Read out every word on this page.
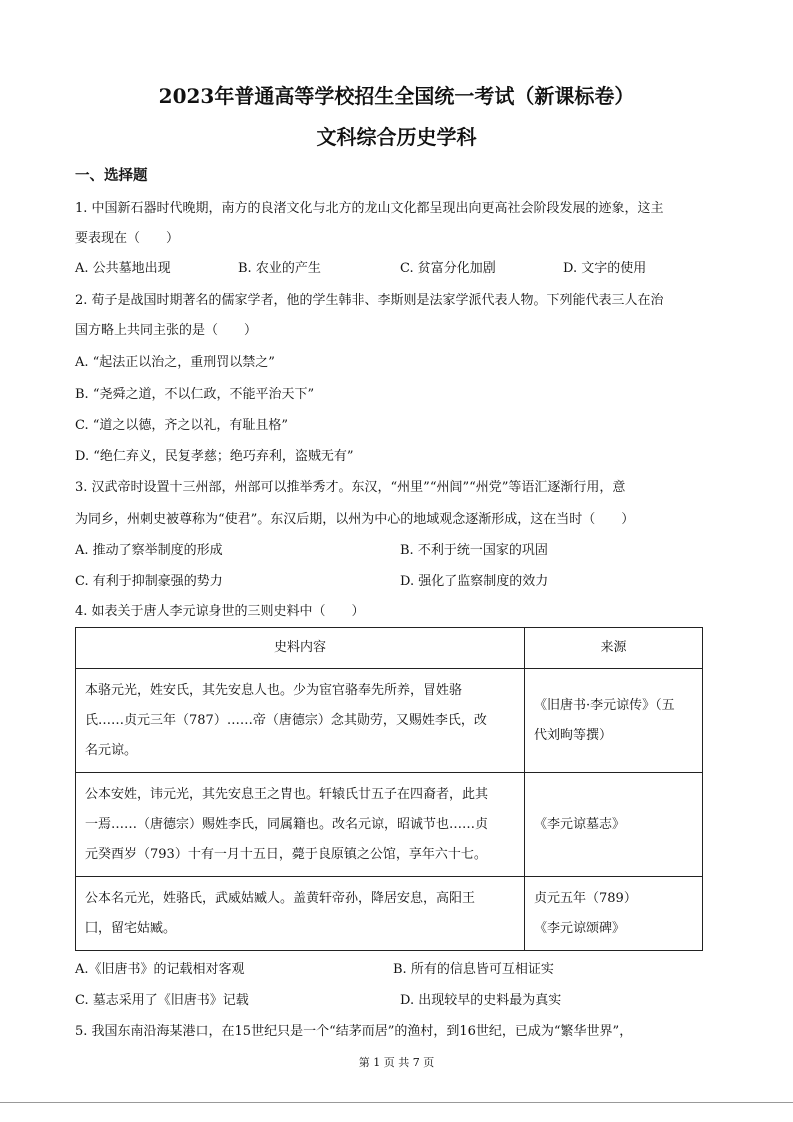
2023年普通高等学校招生全国统一考试（新课标卷）
文科综合历史学科
一、选择题
1. 中国新石器时代晚期，南方的良渚文化与北方的龙山文化都呈现出向更高社会阶段发展的迹象，这主
要表现在（　　）
A. 公共墓地出现	B. 农业的产生	C. 贫富分化加剧	D. 文字的使用
2. 荀子是战国时期著名的儒家学者，他的学生韩非、李斯则是法家学派代表人物。下列能代表三人在治
国方略上共同主张的是（　　）
A. “起法正以治之，重刑罚以禁之”
B. “尧舜之道，不以仁政，不能平治天下”
C. “道之以德，齐之以礼，有耻且格”
D. “绝仁弃义，民复孝慈；绝巧弃利，盗贼无有”
3. 汉武帝时设置十三州部，州部可以推举秀才。东汉，“州里”“州闾”“州党”等语汇逐渐行用，意
为同乡，州刺史被尊称为“使君”。东汉后期，以州为中心的地域观念逐渐形成，这在当时（　　）
A. 推动了察举制度的形成	B. 不利于统一国家的巩固
C. 有利于抑制豪强的势力	D. 强化了监察制度的效力
4. 如表关于唐人李元谅身世的三则史料中（　　）
史料内容	来源

本骆元光，姓安氏，其先安息人也。少为宦官骆奉先所养，冒姓骆
氏……贞元三年（787）……帝（唐德宗）念其勋劳，又赐姓李氏，改
名元谅。	《旧唐书·李元谅传》（五
代刘昫等撰）

公本安姓，讳元光，其先安息王之胄也。轩辕氏廿五子在四裔者，此其
一焉……（唐德宗）赐姓李氏，同属籍也。改名元谅，昭诚节也……贞
元癸酉岁（793）十有一月十五日，薨于良原镇之公馆，享年六十七。	《李元谅墓志》

公本名元光，姓骆氏，武威姑臧人。盖黄轩帝孙，降居安息，高阳王
囗，留宅姑臧。	贞元五年（789）
《李元谅颂碑》
A.《旧唐书》的记载相对客观	B. 所有的信息皆可互相证实
C. 墓志采用了《旧唐书》记载	D. 出现较早的史料最为真实
5. 我国东南沿海某港口，在15世纪只是一个“结茅而居”的渔村，到16世纪，已成为“繁华世界”，
第 1 页 共 7 页
